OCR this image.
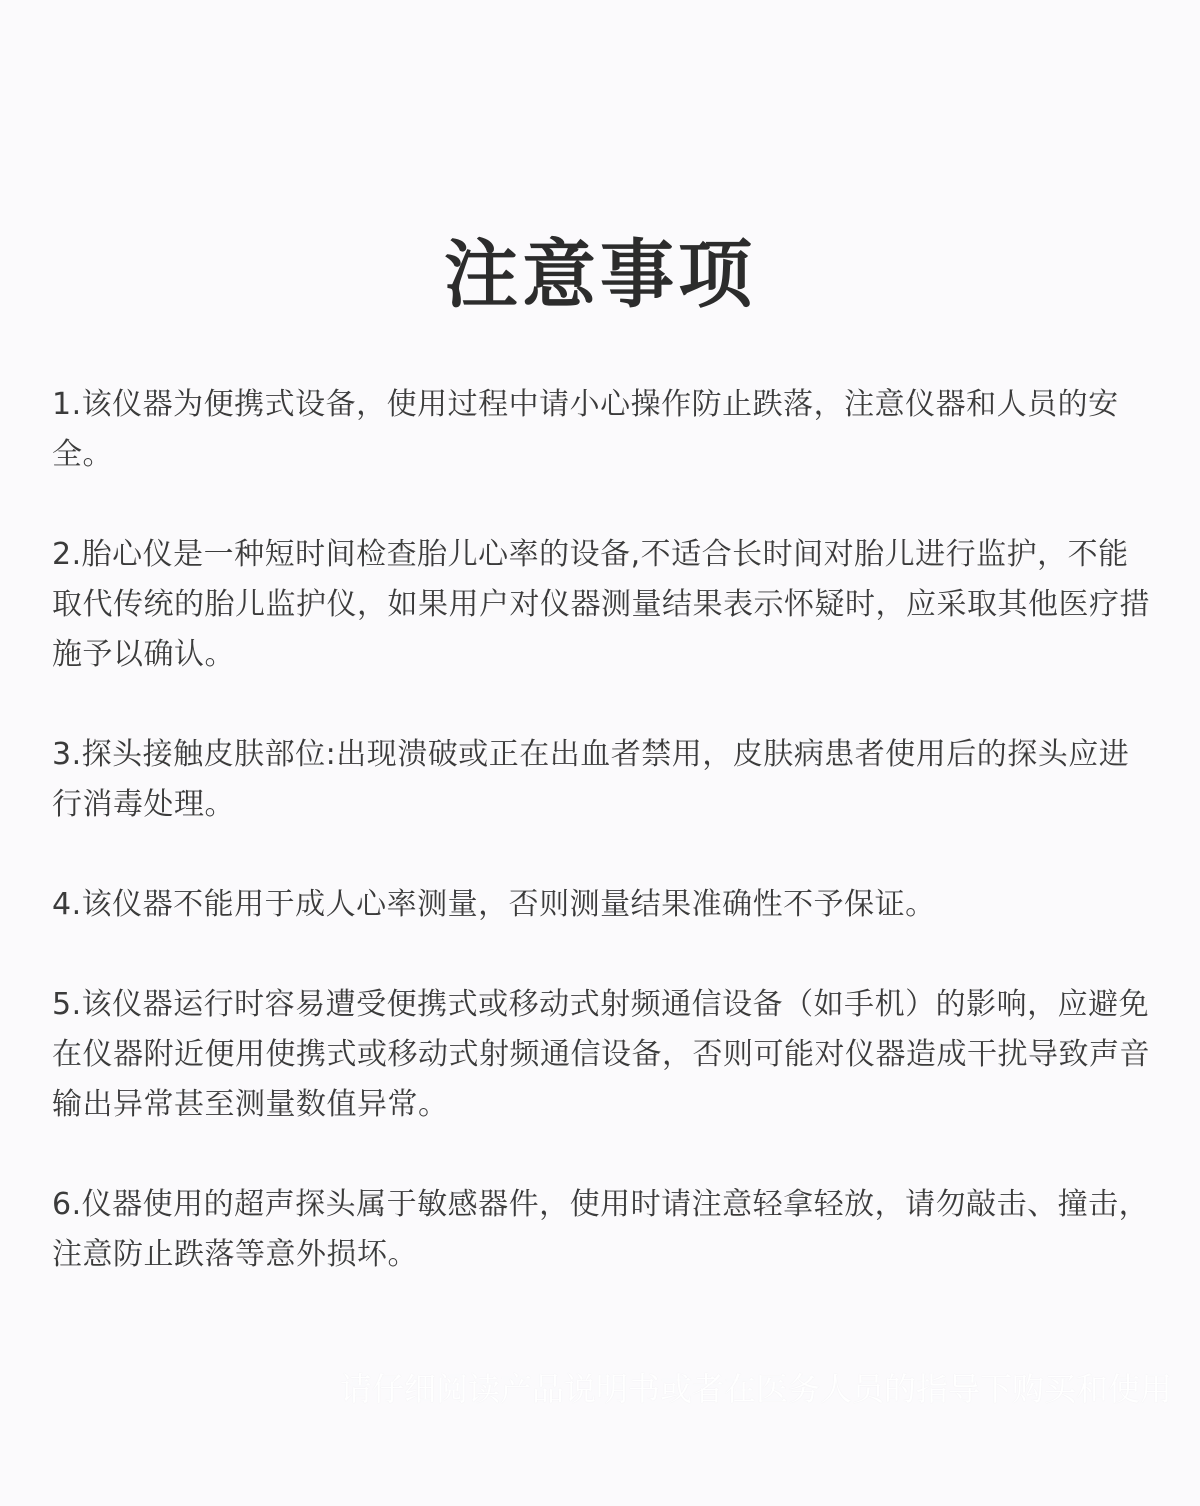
注意事项
1.该仪器为便携式设备，使用过程中请小心操作防止跌落，注意仪器和人员的安全。
2.胎心仪是一种短时间检查胎儿心率的设备,不适合长时间对胎儿进行监护，不能取代传统的胎儿监护仪，如果用户对仪器测量结果表示怀疑时，应采取其他医疗措施予以确认。
3.探头接触皮肤部位:出现溃破或正在出血者禁用，皮肤病患者使用后的探头应进行消毒处理。
4.该仪器不能用于成人心率测量，否则测量结果准确性不予保证。
5.该仪器运行时容易遭受便携式或移动式射频通信设备（如手机）的影响，应避免在仪器附近便用使携式或移动式射频通信设备，否则可能对仪器造成干扰导致声音输出异常甚至测量数值异常。
6.仪器使用的超声探头属于敏感器件，使用时请注意轻拿轻放，请勿敲击、撞击，注意防止跌落等意外损坏。
请仔细阅读产品说明书或者在医务人员的指导下购买和使用
